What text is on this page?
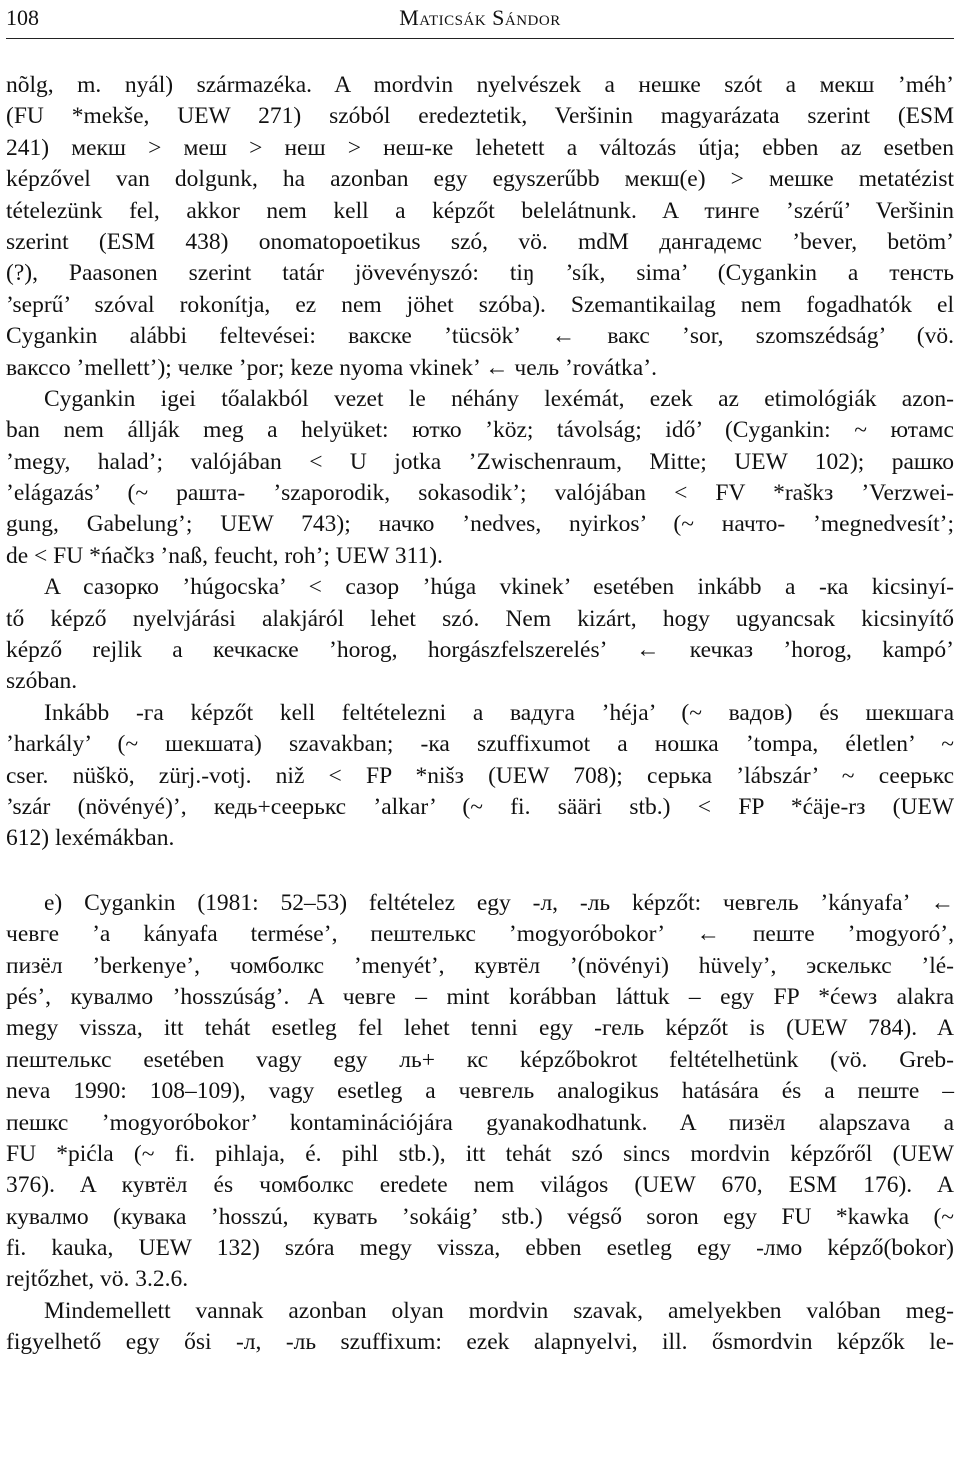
108	Maticsák Sándor
nõlg, m. nyál) származéka. A mordvin nyelvészek a нешке szót a мекш ’méh’
(FU *mekše, UEW 271) szóból eredeztetik, Veršinin magyarázata szerint (ESM
241) мекш > меш > неш > неш-ке lehetett a változás útja; ebben az esetben
képzővel van dolgunk, ha azonban egy egyszerűbb мекш(е) > мешке metatézist
tételezünk fel, akkor nem kell a képzőt belelátnunk. A тинге ’szérű’ Veršinin
szerint (ESM 438) onomatopoetikus szó, vö. mdM дангадемс ’bever, betöm’
(?), Paasonen szerint tatár jövevényszó: tiŋ ’sík, sima’ (Cygankin a тенсть
’seprű’ szóval rokonítja, ez nem jöhet szóba). Szemantikailag nem fogadhatók el
Cygankin alábbi feltevései: вакске ’tücsök’ ← вакс ’sor, szomszédság’ (vö.
вакссо ’mellett’); челке ’por; keze nyoma vkinek’ ← чель ’rovátka’.
Cygankin igei tőalakból vezet le néhány lexémát, ezek az etimológiák azon-
ban nem állják meg a helyüket: ютко ’köz; távolság; idő’ (Cygankin: ~ ютамс
’megy, halad’; valójában < U jotka ’Zwischenraum, Mitte; UEW 102); рашко
’elágazás’ (~ рашта- ’szaporodik, sokasodik’; valójában < FV *raškз ’Verzwei-
gung, Gabelung’; UEW 743); начко ’nedves, nyirkos’ (~ начто- ’megnedvesít’;
de < FU *ńačkз ’naß, feucht, roh’; UEW 311).
A сазорко ’húgocska’ < сазор ’húga vkinek’ esetében inkább a -ка kicsinyí-
tő képző nyelvjárási alakjáról lehet szó. Nem kizárt, hogy ugyancsak kicsinyítő
képző rejlik a кечкаске ’horog, horgászfelszerelés’ ← кечказ ’horog, kampó’
szóban.
Inkább -га képzőt kell feltételezni a вадуга ’héja’ (~ вадов) és шекшага
’harkály’ (~ шекшата) szavakban; -ка szuffixumot a ношка ’tompa, életlen’ ~
cser. nüškö, zürj.-votj. niž < FP *nišз (UEW 708); серька ’lábszár’ ~ сеерькс
’szár (növényé)’, кедь+сеерькс ’alkar’ (~ fi. sääri stb.) < FP *ćäje-rз (UEW
612) lexémákban.
e) Cygankin (1981: 52–53) feltételez egy -л, -ль képzőt: чевгель ’kányafa’ ←
чевге ’a kányafa termése’, пештелькс ’mogyoróbokor’ ← пеште ’mogyoró’,
пизёл ’berkenye’, чомболкс ’menyét’, кувтёл ’(növényi) hüvely’, эскелькс ’lé-
pés’, кувалмо ’hosszúság’. A чевге – mint korábban láttuk – egy FP *ćewз alakra
megy vissza, itt tehát esetleg fel lehet tenni egy -гель képzőt is (UEW 784). A
пештелькс esetében vagy egy ль+ кс képzőbokrot feltételhetünk (vö. Greb-
neva 1990: 108–109), vagy esetleg a чевгель analogikus hatására és a пеште –
пешкс ’mogyoróbokor’ kontaminációjára gyanakodhatunk. A пизёл alapszava a
FU *pićla (~ fi. pihlaja, é. pihl stb.), itt tehát szó sincs mordvin képzőről (UEW
376). A кувтёл és чомболкс eredete nem világos (UEW 670, ESM 176). A
кувалмо (кувака ’hosszú, кувать ’sokáig’ stb.) végső soron egy FU *kawka (~
fi. kauka, UEW 132) szóra megy vissza, ebben esetleg egy -лмо képző(bokor)
rejtőzhet, vö. 3.2.6.
Mindemellett vannak azonban olyan mordvin szavak, amelyekben valóban meg-
figyelhető egy ősi -л, -ль szuffixum: ezek alapnyelvi, ill. ősmordvin képzők le-
